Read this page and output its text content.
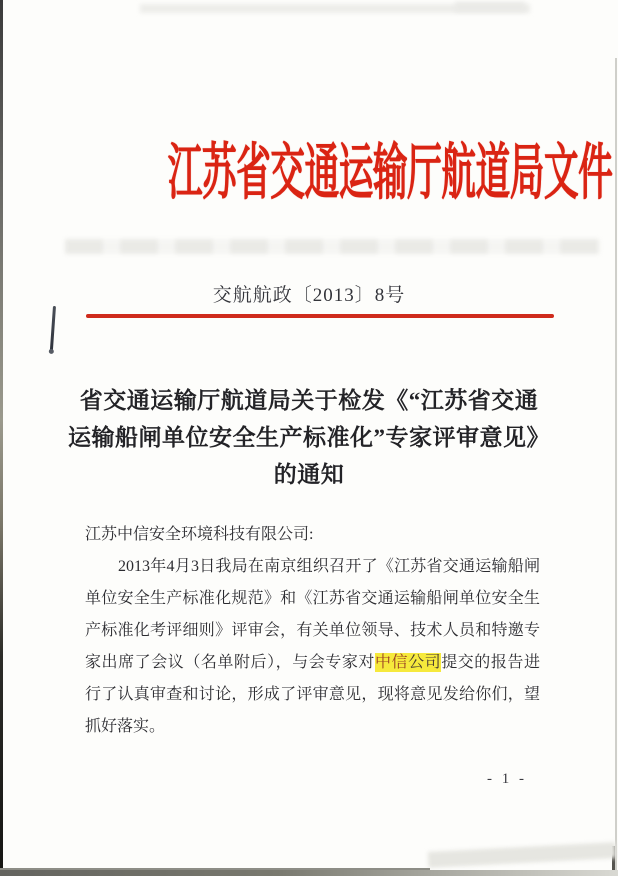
江苏省交通运输厅航道局文件
交航航政〔2013〕8号
省交通运输厅航道局关于检发《“江苏省交通
运输船闸单位安全生产标准化”专家评审意见》
的通知
江苏中信安全环境科技有限公司:

2013年4月3日我局在南京组织召开了《江苏省交通运输船闸单位安全生产标准化规范》和《江苏省交通运输船闸单位安全生产标准化考评细则》评审会，有关单位领导、技术人员和特邀专家出席了会议（名单附后），与会专家对中信公司提交的报告进行了认真审查和讨论，形成了评审意见，现将意见发给你们，望抓好落实。

- 1 -
